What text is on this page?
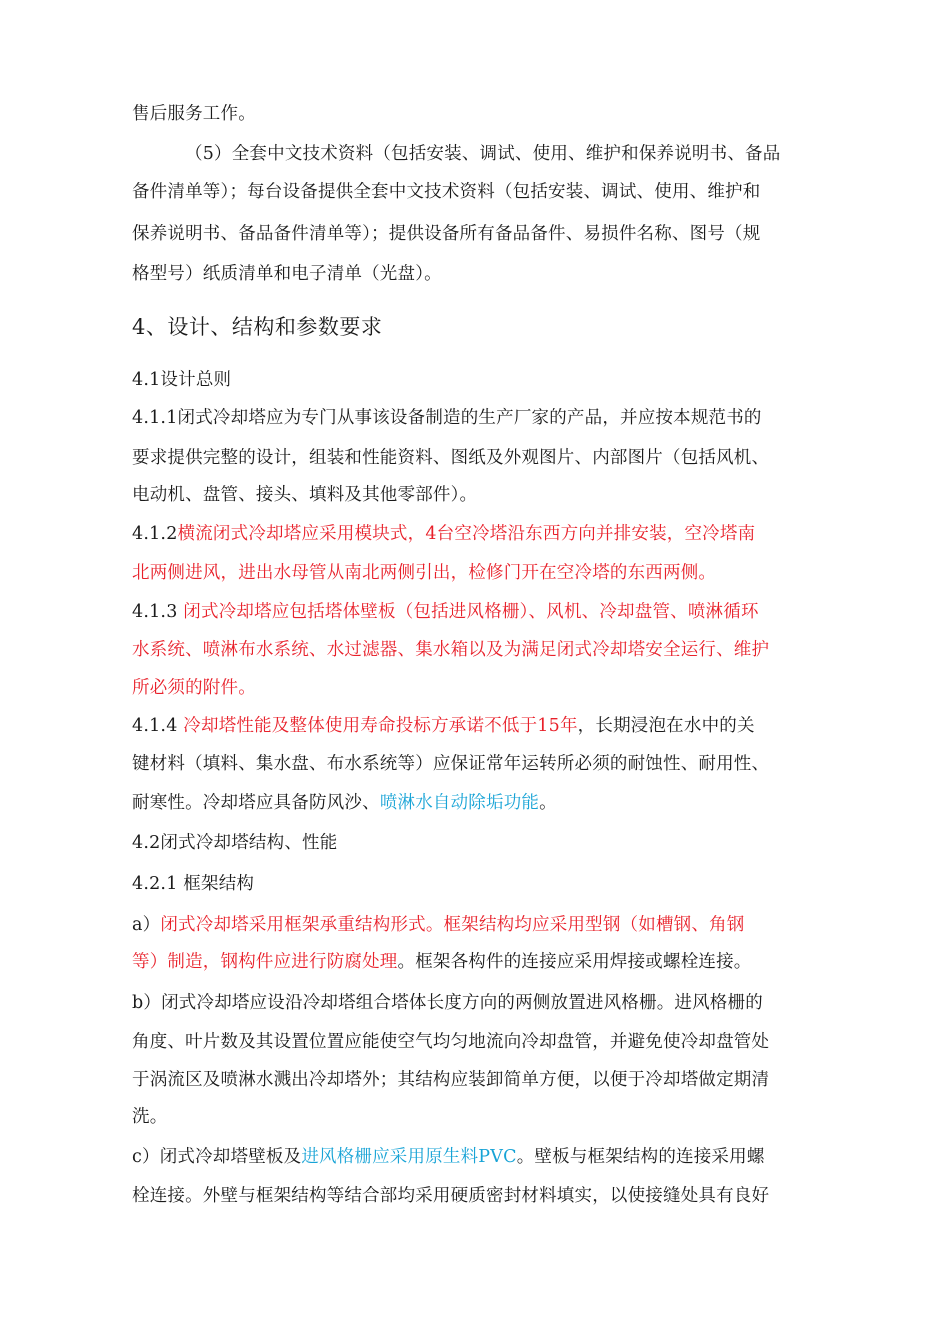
售后服务工作。
（5）全套中文技术资料（包括安装、调试、使用、维护和保养说明书、备品
备件清单等）；每台设备提供全套中文技术资料（包括安装、调试、使用、维护和
保养说明书、备品备件清单等）；提供设备所有备品备件、易损件名称、图号（规
格型号）纸质清单和电子清单（光盘）。
4、设计、结构和参数要求
4.1设计总则
4.1.1闭式冷却塔应为专门从事该设备制造的生产厂家的产品，并应按本规范书的
要求提供完整的设计，组装和性能资料、图纸及外观图片、内部图片（包括风机、
电动机、盘管、接头、填料及其他零部件）。
4.1.2横流闭式冷却塔应采用模块式，4台空冷塔沿东西方向并排安装，空冷塔南
北两侧进风，进出水母管从南北两侧引出，检修门开在空冷塔的东西两侧。
4.1.3 闭式冷却塔应包括塔体壁板（包括进风格栅）、风机、冷却盘管、喷淋循环
水系统、喷淋布水系统、水过滤器、集水箱以及为满足闭式冷却塔安全运行、维护
所必须的附件。
4.1.4 冷却塔性能及整体使用寿命投标方承诺不低于15年，长期浸泡在水中的关
键材料（填料、集水盘、布水系统等）应保证常年运转所必须的耐蚀性、耐用性、
耐寒性。冷却塔应具备防风沙、喷淋水自动除垢功能。
4.2闭式冷却塔结构、性能
4.2.1 框架结构
a）闭式冷却塔采用框架承重结构形式。框架结构均应采用型钢（如槽钢、角钢
等）制造，钢构件应进行防腐处理。框架各构件的连接应采用焊接或螺栓连接。
b）闭式冷却塔应设沿冷却塔组合塔体长度方向的两侧放置进风格栅。进风格栅的
角度、叶片数及其设置位置应能使空气均匀地流向冷却盘管，并避免使冷却盘管处
于涡流区及喷淋水溅出冷却塔外；其结构应装卸简单方便，以便于冷却塔做定期清
洗。
c）闭式冷却塔壁板及进风格栅应采用原生料PVC。壁板与框架结构的连接采用螺
栓连接。外壁与框架结构等结合部均采用硬质密封材料填实，以使接缝处具有良好
